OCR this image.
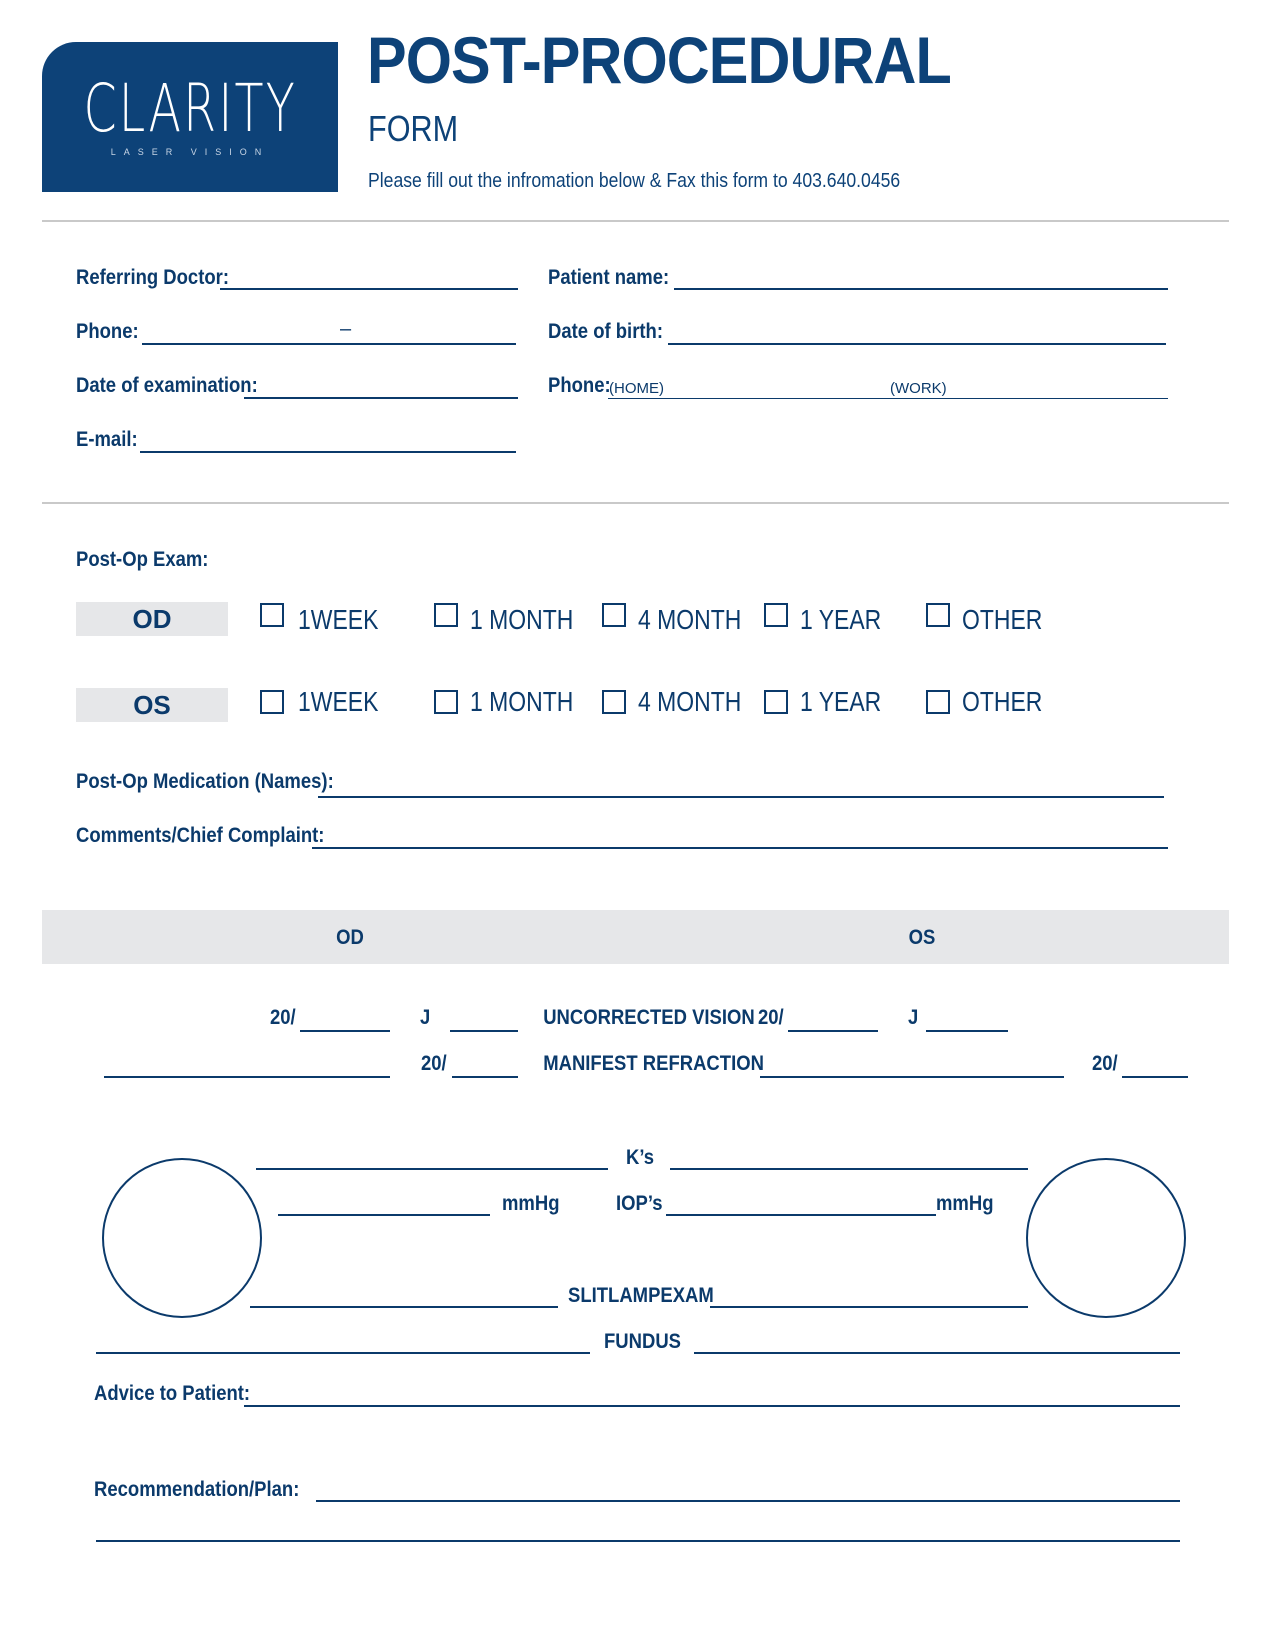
CLARITY
LASER VISION
POST-PROCEDURAL
FORM
Please fill out the infromation below & Fax this form to 403.640.0456
Referring Doctor:
Phone:	–
Date of examination:
E-mail:
Patient name:
Date of birth:
Phone:
(HOME)	(WORK)
Post-Op Exam:
OD	1WEEK	1 MONTH 4 MONTH 1 YEAR	OTHER
OS	1WEEK	1 MONTH 4 MONTH 1 YEAR	OTHER
Post-Op Medication (Names):
Comments/Chief Complaint:
OD	OS
20/	J	UNCORRECTED VISION 20/	J
20/	MANIFEST REFRACTION	20/
K’s
mmHg	IOP’s	mmHg
SLITLAMPEXAM
FUNDUS
Advice to Patient:
Recommendation/Plan:
